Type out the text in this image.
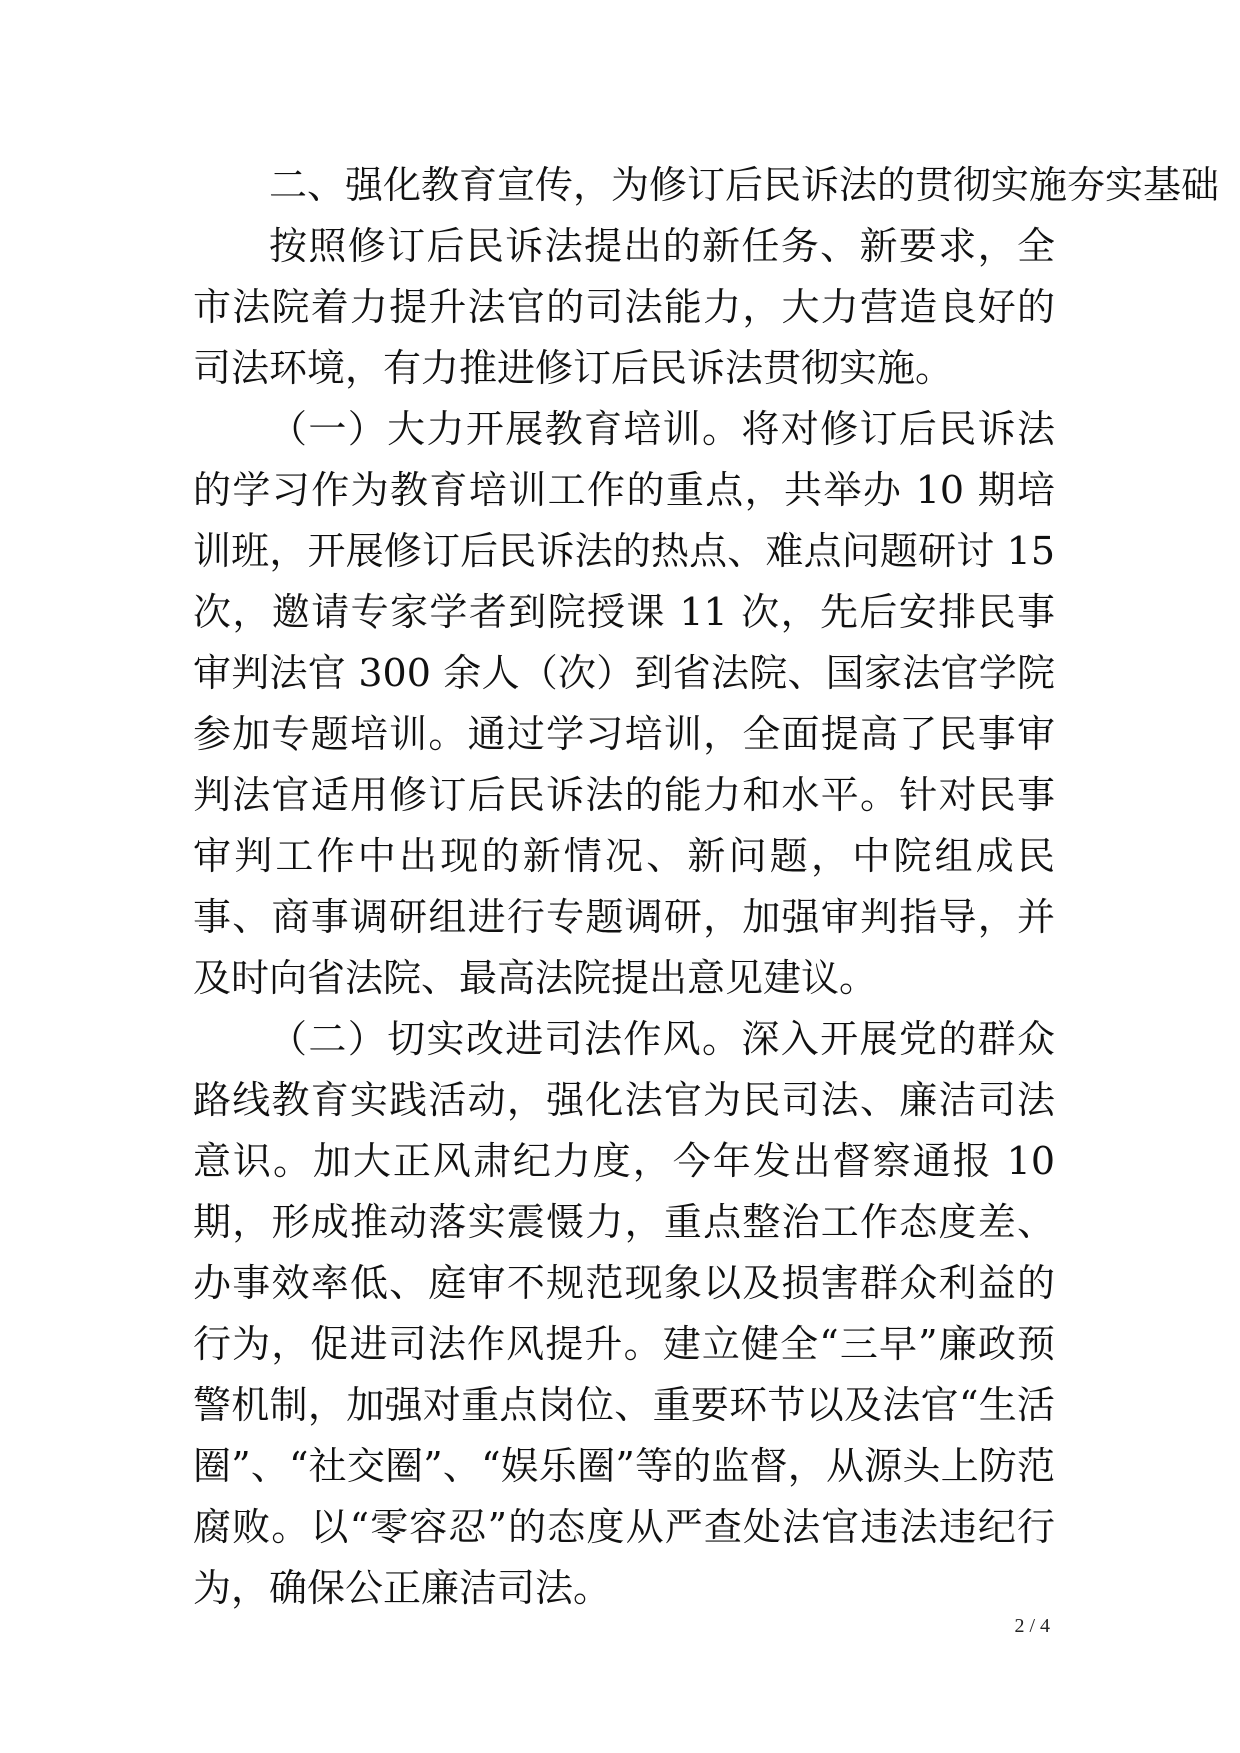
二、强化教育宣传，为修订后民诉法的贯彻实施夯实基础

按照修订后民诉法提出的新任务、新要求，全市法院着力提升法官的司法能力，大力营造良好的司法环境，有力推进修订后民诉法贯彻实施。

（一）大力开展教育培训。将对修订后民诉法的学习作为教育培训工作的重点，共举办 10 期培训班，开展修订后民诉法的热点、难点问题研讨 15 次，邀请专家学者到院授课 11 次，先后安排民事审判法官 300 余人（次）到省法院、国家法官学院参加专题培训。通过学习培训，全面提高了民事审判法官适用修订后民诉法的能力和水平。针对民事审判工作中出现的新情况、新问题，中院组成民事、商事调研组进行专题调研，加强审判指导，并及时向省法院、最高法院提出意见建议。

（二）切实改进司法作风。深入开展党的群众路线教育实践活动，强化法官为民司法、廉洁司法意识。加大正风肃纪力度，今年发出督察通报 10 期，形成推动落实震慑力，重点整治工作态度差、办事效率低、庭审不规范现象以及损害群众利益的行为，促进司法作风提升。建立健全“三早”廉政预警机制，加强对重点岗位、重要环节以及法官“生活圈”、“社交圈”、“娱乐圈”等的监督，从源头上防范腐败。以“零容忍”的态度从严查处法官违法违纪行为，确保公正廉洁司法。

2 / 4
